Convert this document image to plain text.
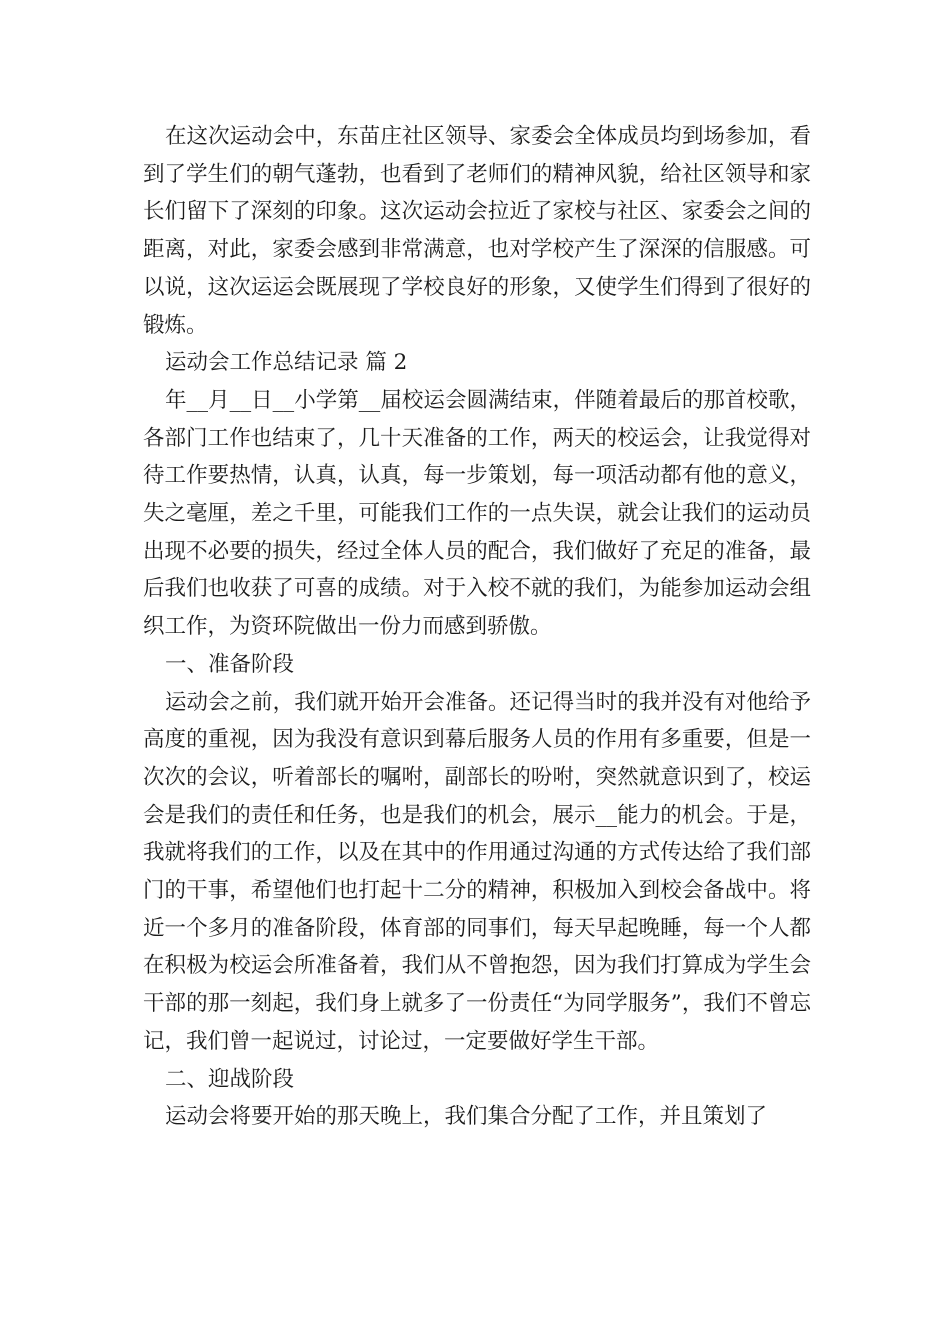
在这次运动会中，东苗庄社区领导、家委会全体成员均到场参加，看到了学生们的朝气蓬勃，也看到了老师们的精神风貌，给社区领导和家长们留下了深刻的印象。这次运动会拉近了家校与社区、家委会之间的距离，对此，家委会感到非常满意，也对学校产生了深深的信服感。可以说，这次运运会既展现了学校良好的形象，又使学生们得到了很好的锻炼。

运动会工作总结记录 篇 2

年__月__日__小学第__届校运会圆满结束，伴随着最后的那首校歌，各部门工作也结束了，几十天准备的工作，两天的校运会，让我觉得对待工作要热情，认真，认真，每一步策划，每一项活动都有他的意义，失之毫厘，差之千里，可能我们工作的一点失误，就会让我们的运动员出现不必要的损失，经过全体人员的配合，我们做好了充足的准备，最后我们也收获了可喜的成绩。对于入校不就的我们，为能参加运动会组织工作，为资环院做出一份力而感到骄傲。

一、准备阶段

运动会之前，我们就开始开会准备。还记得当时的我并没有对他给予高度的重视，因为我没有意识到幕后服务人员的作用有多重要，但是一次次的会议，听着部长的嘱咐，副部长的吩咐，突然就意识到了，校运会是我们的责任和任务，也是我们的机会，展示__能力的机会。于是，我就将我们的工作，以及在其中的作用通过沟通的方式传达给了我们部门的干事，希望他们也打起十二分的精神，积极加入到校会备战中。将近一个多月的准备阶段，体育部的同事们，每天早起晚睡，每一个人都在积极为校运会所准备着，我们从不曾抱怨，因为我们打算成为学生会干部的那一刻起，我们身上就多了一份责任“为同学服务”，我们不曾忘记，我们曾一起说过，讨论过，一定要做好学生干部。

二、迎战阶段

运动会将要开始的那天晚上，我们集合分配了工作，并且策划了
